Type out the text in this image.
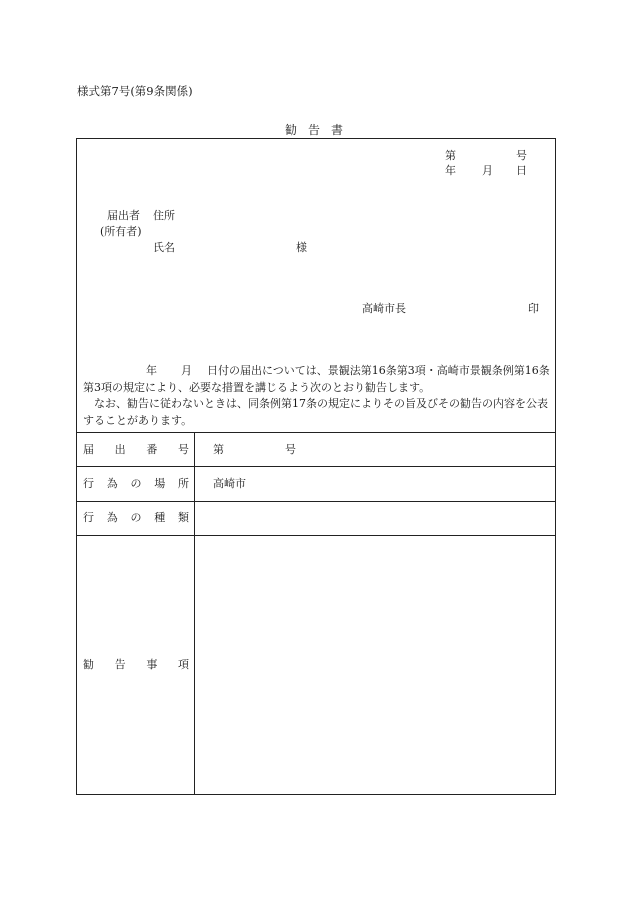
様式第7号(第9条関係)
勧告書
第	号
年 月 日
届出者 住所
(所有者)
氏名	様
高崎市長	印
年 月 日付の届出については、景観法第16条第3項・高崎市景観条例第16条第3項の規定により、必要な措置を講じるよう次のとおり勧告します。
なお、勧告に従わないときは、同条例第17条の規定によりその旨及びその勧告の内容を公表することがあります。
届 出 番 号 第	号
行 為 の 場 所 高崎市
行 為 の 種 類
勧 告 事 項
